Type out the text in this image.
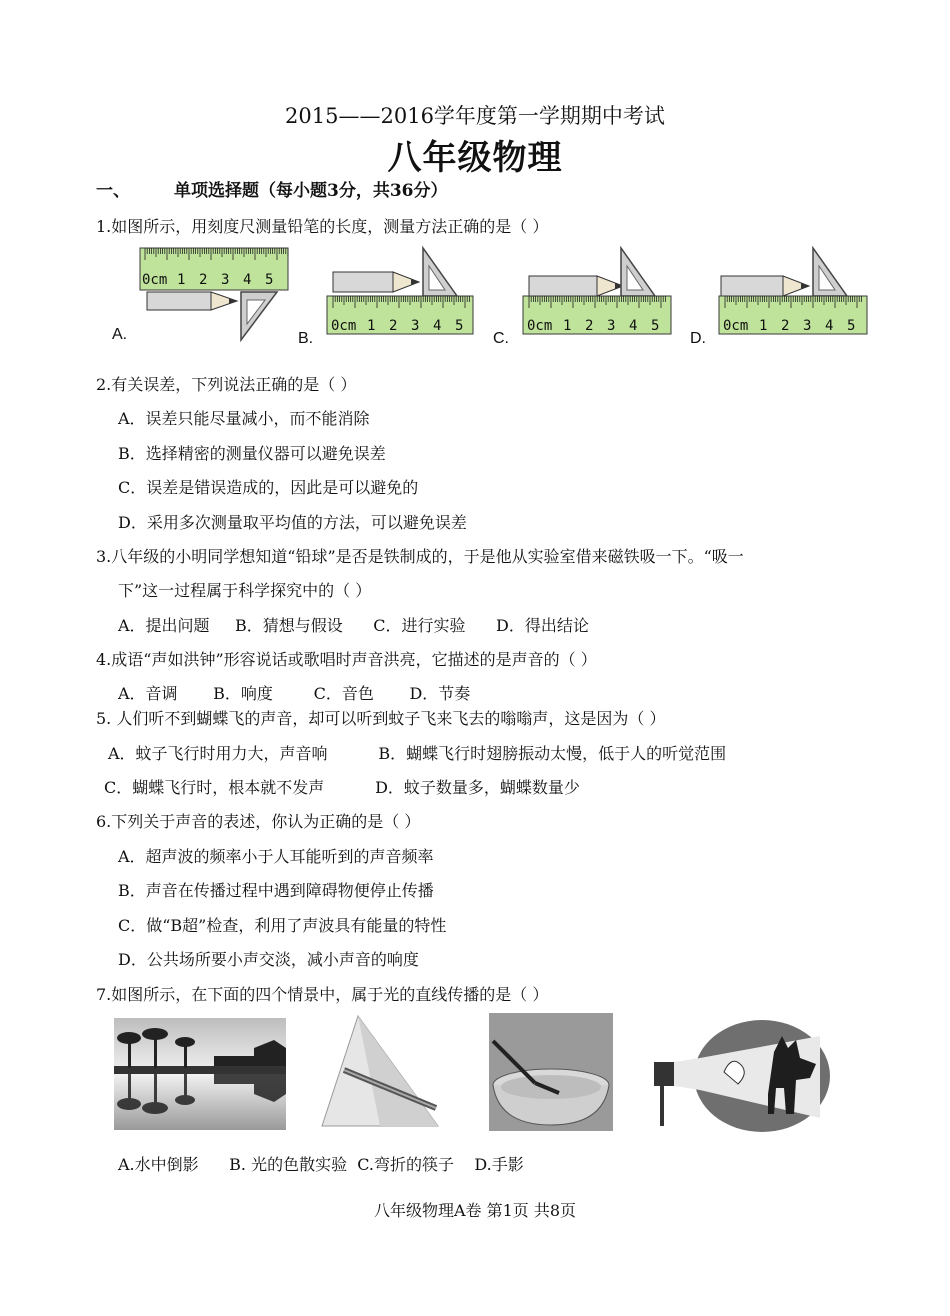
2015——2016学年度第一学期期中考试
八年级物理
一、	单项选择题（每小题3分，共36分）
1.如图所示，用刻度尺测量铅笔的长度，测量方法正确的是（ ）
0cm 1 2 3 4 5
0cm 1 2 3 4 5	0cm 1 2 3 4 5	0cm 1 2 3 4 5
A.	B.	C.	D.
2.有关误差，下列说法正确的是（ ）
A．误差只能尽量减小，而不能消除
B．选择精密的测量仪器可以避免误差
C．误差是错误造成的，因此是可以避免的
D．采用多次测量取平均值的方法，可以避免误差
3.八年级的小明同学想知道“铅球”是否是铁制成的，于是他从实验室借来磁铁吸一下。“吸一
下”这一过程属于科学探究中的（ ）
A．提出问题     B．猜想与假设      C．进行实验      D．得出结论
4.成语“声如洪钟”形容说话或歌唱时声音洪亮，它描述的是声音的（ ）
A．音调       B．响度        C．音色       D．节奏
5. 人们听不到蝴蝶飞的声音，却可以听到蚊子飞来飞去的嗡嗡声，这是因为（ ）
A．蚊子飞行时用力大，声音响          B．蝴蝶飞行时翅膀振动太慢，低于人的听觉范围
C．蝴蝶飞行时，根本就不发声          D．蚊子数量多，蝴蝶数量少
6.下列关于声音的表述，你认为正确的是（ ）
A．超声波的频率小于人耳能听到的声音频率
B．声音在传播过程中遇到障碍物便停止传播
C．做“B超”检查，利用了声波具有能量的特性
D．公共场所要小声交淡，减小声音的响度
7.如图所示，在下面的四个情景中，属于光的直线传播的是（ ）
A.水中倒影      B. 光的色散实验  C.弯折的筷子    D.手影
八年级物理A卷 第1页 共8页
